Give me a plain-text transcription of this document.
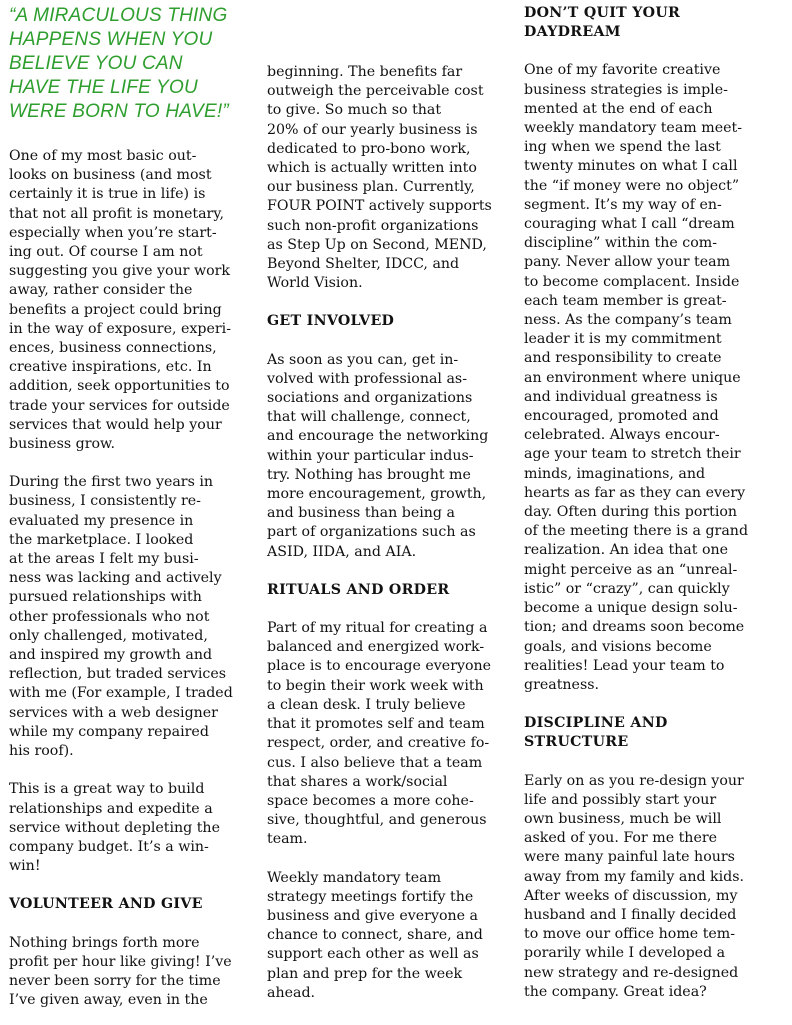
“A MIRACULOUS THING
HAPPENS WHEN YOU
BELIEVE YOU CAN
HAVE THE LIFE YOU
WERE BORN TO HAVE!”

One of my most basic out-
looks on business (and most
certainly it is true in life) is
that not all profit is monetary,
especially when you’re start-
ing out. Of course I am not
suggesting you give your work
away, rather consider the
benefits a project could bring
in the way of exposure, experi-
ences, business connections,
creative inspirations, etc. In
addition, seek opportunities to
trade your services for outside
services that would help your
business grow.

During the first two years in
business, I consistently re-
evaluated my presence in
the marketplace. I looked
at the areas I felt my busi-
ness was lacking and actively
pursued relationships with
other professionals who not
only challenged, motivated,
and inspired my growth and
reflection, but traded services
with me (For example, I traded
services with a web designer
while my company repaired
his roof).

This is a great way to build
relationships and expedite a
service without depleting the
company budget. It’s a win-
win!

VOLUNTEER AND GIVE

Nothing brings forth more
profit per hour like giving! I’ve
never been sorry for the time
I’ve given away, even in the

beginning. The benefits far
outweigh the perceivable cost
to give. So much so that
20% of our yearly business is
dedicated to pro-bono work,
which is actually written into
our business plan. Currently,
FOUR POINT actively supports
such non-profit organizations
as Step Up on Second, MEND,
Beyond Shelter, IDCC, and
World Vision.

GET INVOLVED

As soon as you can, get in-
volved with professional as-
sociations and organizations
that will challenge, connect,
and encourage the networking
within your particular indus-
try. Nothing has brought me
more encouragement, growth,
and business than being a
part of organizations such as
ASID, IIDA, and AIA.

RITUALS AND ORDER

Part of my ritual for creating a
balanced and energized work-
place is to encourage everyone
to begin their work week with
a clean desk. I truly believe
that it promotes self and team
respect, order, and creative fo-
cus. I also believe that a team
that shares a work/social
space becomes a more cohe-
sive, thoughtful, and generous
team.

Weekly mandatory team
strategy meetings fortify the
business and give everyone a
chance to connect, share, and
support each other as well as
plan and prep for the week
ahead.

DON’T QUIT YOUR
DAYDREAM

One of my favorite creative
business strategies is imple-
mented at the end of each
weekly mandatory team meet-
ing when we spend the last
twenty minutes on what I call
the “if money were no object”
segment. It’s my way of en-
couraging what I call “dream
discipline” within the com-
pany. Never allow your team
to become complacent. Inside
each team member is great-
ness. As the company’s team
leader it is my commitment
and responsibility to create
an environment where unique
and individual greatness is
encouraged, promoted and
celebrated. Always encour-
age your team to stretch their
minds, imaginations, and
hearts as far as they can every
day. Often during this portion
of the meeting there is a grand
realization. An idea that one
might perceive as an “unreal-
istic” or “crazy”, can quickly
become a unique design solu-
tion; and dreams soon become
goals, and visions become
realities! Lead your team to
greatness.

DISCIPLINE AND
STRUCTURE

Early on as you re-design your
life and possibly start your
own business, much be will
asked of you. For me there
were many painful late hours
away from my family and kids.
After weeks of discussion, my
husband and I finally decided
to move our office home tem-
porarily while I developed a
new strategy and re-designed
the company. Great idea?
